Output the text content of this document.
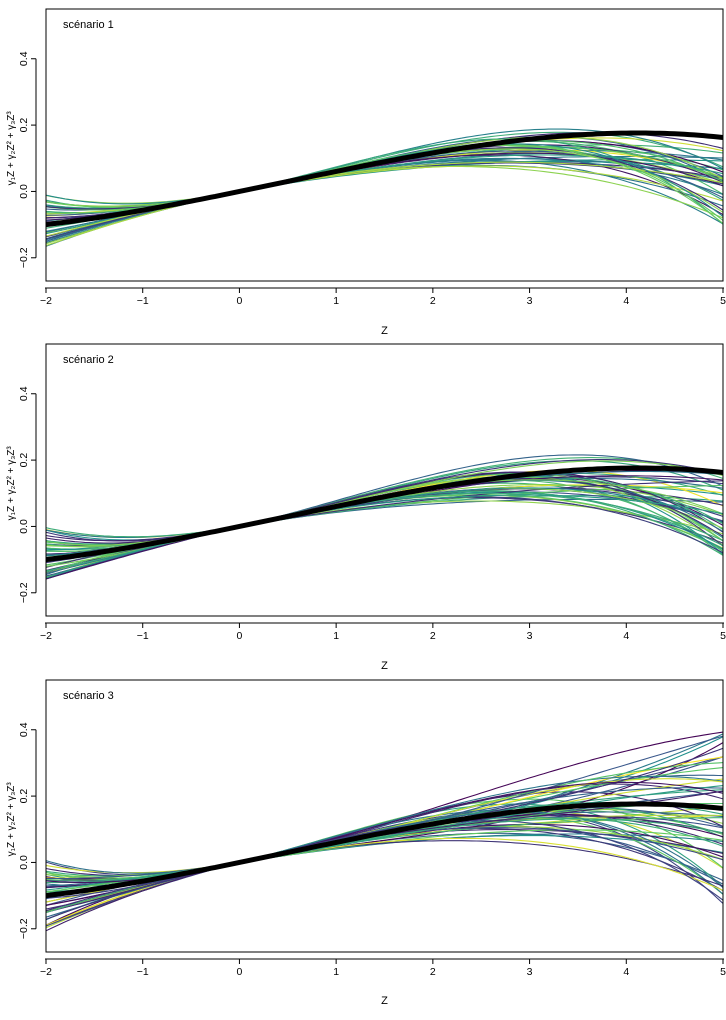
scénario 1
−2	−1	0	1	2	3	4	5
Z
−0.2
0.0
0.2
0.4
γ₁Z + γ₂Z² + γ₃Z³
scénario 2
−2	−1	0	1	2	3	4	5
Z
−0.2
0.0
0.2
0.4
γ₁Z + γ₂Z² + γ₃Z³
scénario 3
−2	−1	0	1	2	3	4	5
Z
−0.2
0.0
0.2
0.4
γ₁Z + γ₂Z² + γ₃Z³
